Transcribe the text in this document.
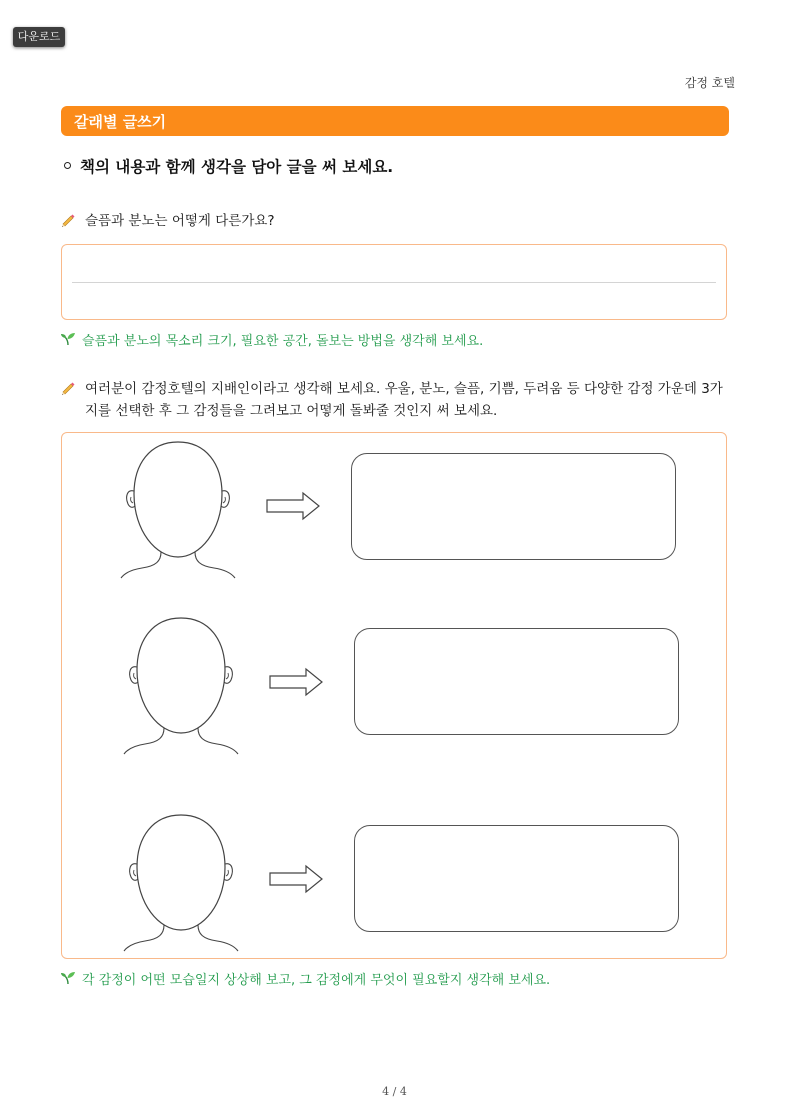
다운로드
감정 호텔
갈래별 글쓰기
책의 내용과 함께 생각을 담아 글을 써 보세요.
슬픔과 분노는 어떻게 다른가요?
슬픔과 분노의 목소리 크기, 필요한 공간, 돌보는 방법을 생각해 보세요.
여러분이 감정호텔의 지배인이라고 생각해 보세요. 우울, 분노, 슬픔, 기쁨, 두려움 등 다양한 감정 가운데 3가지를 선택한 후 그 감정들을 그려보고 어떻게 돌봐줄 것인지 써 보세요.
각 감정이 어떤 모습일지 상상해 보고, 그 감정에게 무엇이 필요할지 생각해 보세요.
4 / 4
